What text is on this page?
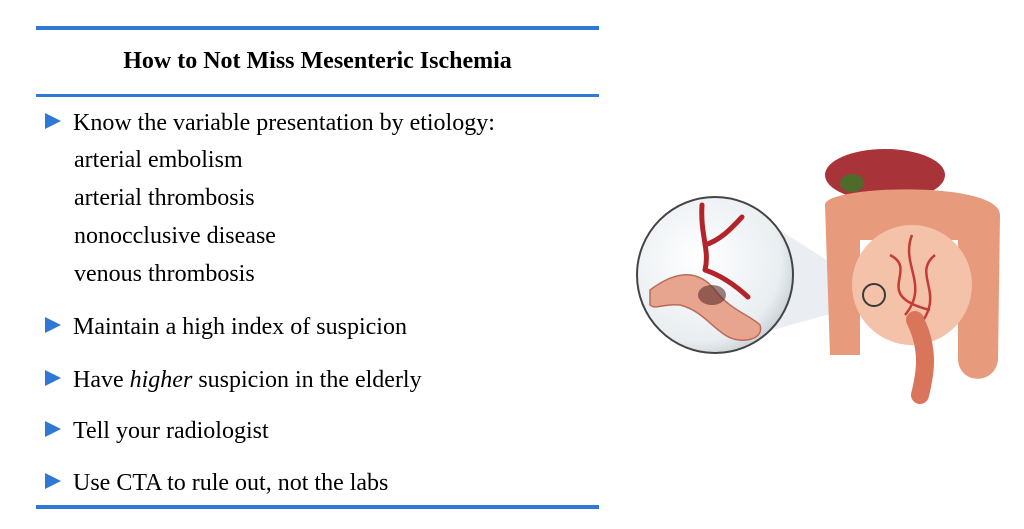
How to Not Miss Mesenteric Ischemia
Know the variable presentation by etiology:
arterial embolism
arterial thrombosis
nonocclusive disease
venous thrombosis
Maintain a high index of suspicion
Have higher suspicion in the elderly
Tell your radiologist
Use CTA to rule out, not the labs
